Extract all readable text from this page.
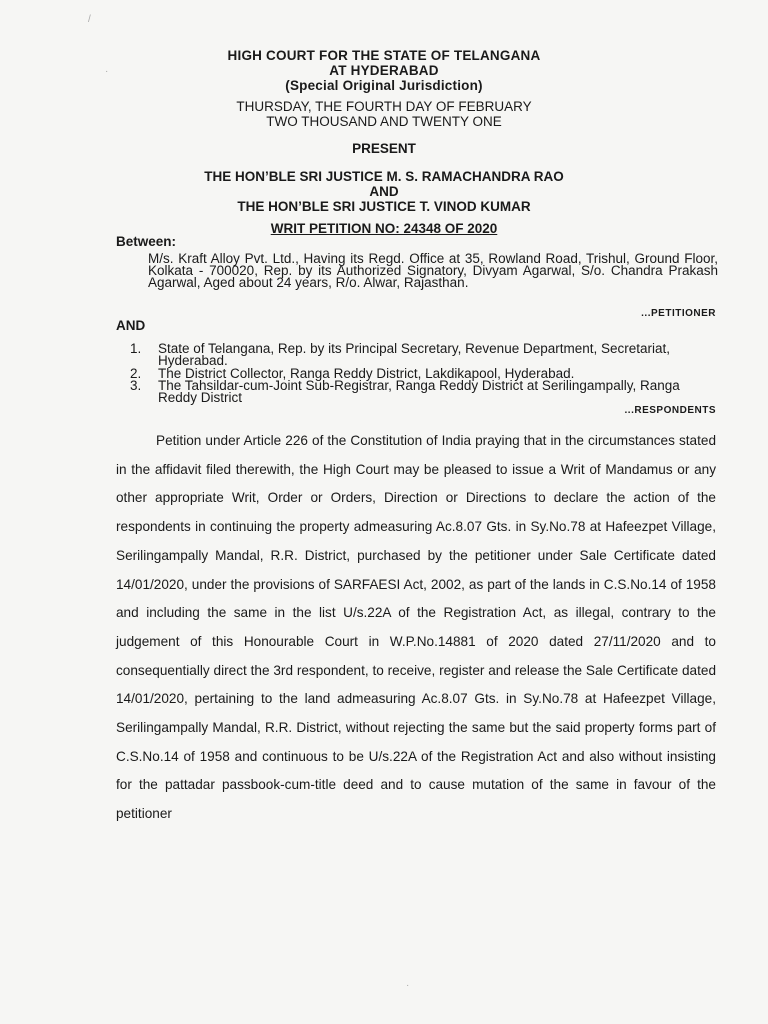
HIGH COURT FOR THE STATE OF TELANGANA
AT HYDERABAD
(Special Original Jurisdiction)
THURSDAY, THE FOURTH DAY OF FEBRUARY
TWO THOUSAND AND TWENTY ONE
PRESENT
THE HON’BLE SRI JUSTICE M. S. RAMACHANDRA RAO
AND
THE HON’BLE SRI JUSTICE T. VINOD KUMAR
WRIT PETITION NO: 24348 OF 2020
Between:
M/s. Kraft Alloy Pvt. Ltd., Having its Regd. Office at 35, Rowland Road, Trishul, Ground Floor, Kolkata - 700020, Rep. by its Authorized Signatory, Divyam Agarwal, S/o. Chandra Prakash Agarwal, Aged about 24 years, R/o. Alwar, Rajasthan.
...PETITIONER
AND
1. State of Telangana, Rep. by its Principal Secretary, Revenue Department, Secretariat, Hyderabad.
2. The District Collector, Ranga Reddy District, Lakdikapool, Hyderabad.
3. The Tahsildar-cum-Joint Sub-Registrar, Ranga Reddy District at Serilingampally, Ranga Reddy District
...RESPONDENTS

Petition under Article 226 of the Constitution of India praying that in the circumstances stated in the affidavit filed therewith, the High Court may be pleased to issue a Writ of Mandamus or any other appropriate Writ, Order or Orders, Direction or Directions to declare the action of the respondents in continuing the property admeasuring Ac.8.07 Gts. in Sy.No.78 at Hafeezpet Village, Serilingampally Mandal, R.R. District, purchased by the petitioner under Sale Certificate dated 14/01/2020, under the provisions of SARFAESI Act, 2002, as part of the lands in C.S.No.14 of 1958 and including the same in the list U/s.22A of the Registration Act, as illegal, contrary to the judgement of this Honourable Court in W.P.No.14881 of 2020 dated 27/11/2020 and to consequentially direct the 3rd respondent, to receive, register and release the Sale Certificate dated 14/01/2020, pertaining to the land admeasuring Ac.8.07 Gts. in Sy.No.78 at Hafeezpet Village, Serilingampally Mandal, R.R. District, without rejecting the same but the said property forms part of C.S.No.14 of 1958 and continuous to be U/s.22A of the Registration Act and also without insisting for the pattadar passbook-cum-title deed and to cause mutation of the same in favour of the petitioner

/
·
·
